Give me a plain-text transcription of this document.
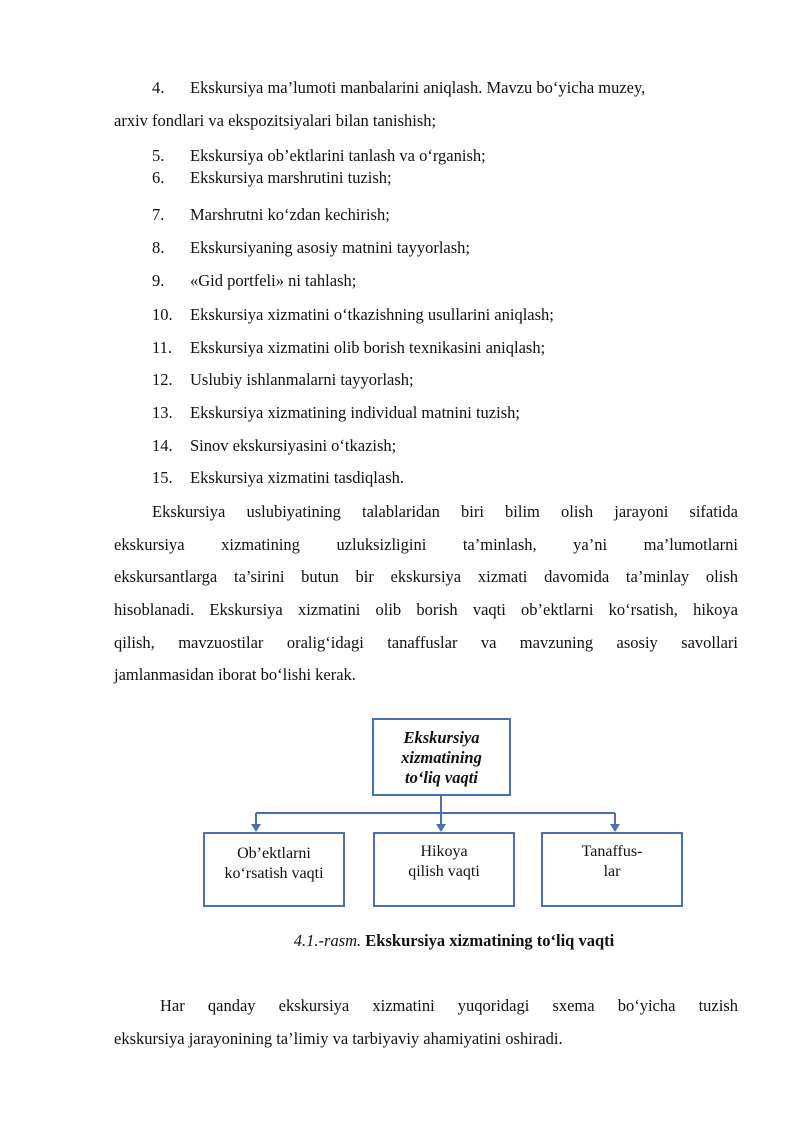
4. Ekskursiya ma’lumoti manbalarini aniqlash. Mavzu bo‘yicha muzey,
arxiv fondlari va ekspozitsiyalari bilan tanishish;
5. Ekskursiya ob’ektlarini tanlash va o‘rganish;
6. Ekskursiya marshrutini tuzish;
7. Marshrutni ko‘zdan kechirish;
8. Ekskursiyaning asosiy matnini tayyorlash;
9. «Gid portfeli» ni tahlash;
10. Ekskursiya xizmatini o‘tkazishning usullarini aniqlash;
11. Ekskursiya xizmatini olib borish texnikasini aniqlash;
12. Uslubiy ishlanmalarni tayyorlash;
13. Ekskursiya xizmatining individual matnini tuzish;
14. Sinov ekskursiyasini o‘tkazish;
15. Ekskursiya xizmatini tasdiqlash.
Ekskursiya uslubiyatining talablaridan biri bilim olish jarayoni sifatida
ekskursiya xizmatining uzluksizligini ta’minlash, ya’ni ma’lumotlarni
ekskursantlarga ta’sirini butun bir ekskursiya xizmati davomida ta’minlay olish
hisoblanadi. Ekskursiya xizmatini olib borish vaqti ob’ektlarni ko‘rsatish, hikoya
qilish, mavzuostilar oralig‘idagi tanaffuslar va mavzuning asosiy savollari
jamlanmasidan iborat bo‘lishi kerak.
Ekskursiya
xizmatining
to‘liq vaqti
Ob’ektlarni
ko‘rsatish vaqti
Hikoya
qilish vaqti
Tanaffus-
lar
4.1.-rasm. Ekskursiya xizmatining to‘liq vaqti
Har qanday ekskursiya xizmatini yuqoridagi sxema bo‘yicha tuzish
ekskursiya jarayonining ta’limiy va tarbiyaviy ahamiyatini oshiradi.
